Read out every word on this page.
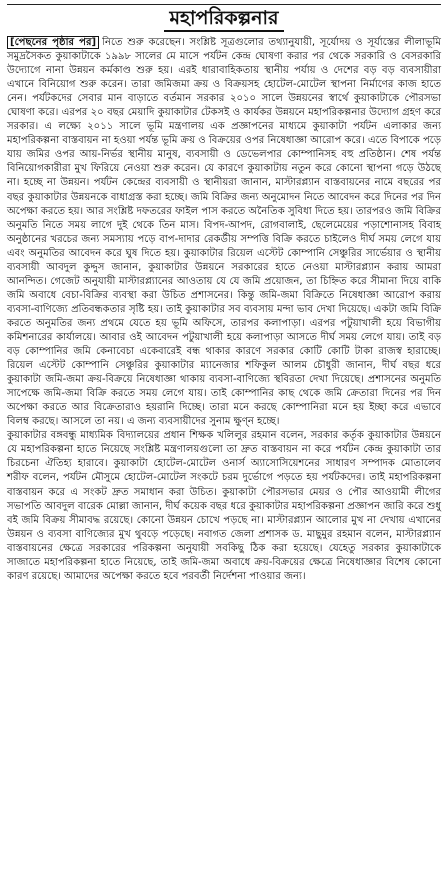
মহাপরিকল্পনার

[পেছনের পৃষ্ঠার পর] নিতে শুরু করেছেন। সংশ্লিষ্ট সূত্রগুলোর তথ্যানুযায়ী, সূর্যোদয় ও সূর্যাস্তের লীলাভূমি সমুদ্রসৈকত কুয়াকাটাকে ১৯৯৮ সালের মে মাসে পর্যটন কেন্দ্র ঘোষণা করার পর থেকে সরকারি ও বেসরকারি উদ্যোগে নানা উন্নয়ন কর্মকাণ্ড শুরু হয়। এরই ধারাবাহিকতায় স্থানীয় পর্যায় ও দেশের বড় বড় ব্যবসায়ীরা এখানে বিনিয়োগ শুরু করেন। তারা জমিজমা ক্রয় ও বিক্রয়সহ হোটেল-মোটেল স্থাপনা নির্মাণের কাজ হাতে নেন। পর্যটকদের সেবার মান বাড়াতে বর্তমান সরকার ২০১০ সালে উন্নয়নের স্বার্থে কুয়াকাটাকে পৌরসভা ঘোষণা করে। এরপর ২০ বছর মেয়াদি কুয়াকাটার টেকসই ও কার্যকর উন্নয়নে মহাপরিকল্পনার উদ্যোগ গ্রহণ করে সরকার। এ লক্ষ্যে ২০১১ সালে ভূমি মন্ত্রণালয় এক প্রজ্ঞাপনের মাধ্যমে কুয়াকাটা পর্যটন এলাকার জন্য মহাপরিকল্পনা বাস্তবায়ন না হওয়া পর্যন্ত ভূমি ক্রয় ও বিক্রয়ের ওপর নিষেধাজ্ঞা আরোপ করে। এতে বিপাকে পড়ে যায় জমির ওপর আয়-নির্ভর স্থানীয় মানুষ, ব্যবসায়ী ও ডেভেলপার কোম্পানিসহ বহু প্রতিষ্ঠান। শেষ পর্যন্ত বিনিয়োগকারীরা মুখ ফিরিয়ে নেওয়া শুরু করেন। যে কারণে কুয়াকাটায় নতুন করে কোনো স্থাপনা গড়ে উঠছে না। হচ্ছে না উন্নয়ন। পর্যটন কেন্দ্রের ব্যবসায়ী ও স্থানীয়রা জানান, মাস্টারপ্ল্যান বাস্তবায়নের নামে বছরের পর বছর কুয়াকাটার উন্নয়নকে বাধাগ্রস্ত করা হচ্ছে। জমি বিক্রির জন্য অনুমোদন নিতে আবেদন করে দিনের পর দিন অপেক্ষা করতে হয়। আর সংশ্লিষ্ট দফতরের ফাইল পাস করতে অনৈতিক সুবিধা দিতে হয়। তারপরও জমি বিক্রির অনুমতি নিতে সময় লাগে দুই থেকে তিন মাস। বিপদ-আপদ, রোগবালাই, ছেলেমেয়ের পড়াশোনাসহ বিবাহ অনুষ্ঠানের খরচের জন্য সমস্যায় পড়ে বাপ-দাদার রেকর্ডীয় সম্পত্তি বিক্রি করতে চাইলেও দীর্ঘ সময় লেগে যায় এবং অনুমতির আবেদন করে ঘুষ দিতে হয়। কুয়াকাটার রিয়েল এস্টেট কোম্পানি সেঞ্চুরির সার্ভেয়ার ও স্থানীয় ব্যবসায়ী আবদুল কুদ্দুস জানান, কুয়াকাটার উন্নয়নে সরকারের হাতে নেওয়া মাস্টারপ্ল্যান করায় আমরা আনন্দিত। গেজেট অনুযায়ী মাস্টারপ্ল্যানের আওতায় যে যে জমি প্রয়োজন, তা চিহ্নিত করে সীমানা দিয়ে বাকি জমি অবাধে বেচা-বিক্রির ব্যবস্থা করা উচিত প্রশাসনের। কিন্তু জমি-জমা বিক্রিতে নিষেধাজ্ঞা আরোপ করায় ব্যবসা-বাণিজ্যে প্রতিবন্ধকতার সৃষ্টি হয়। তাই কুয়াকাটার সব ব্যবসায় মন্দা ভাব দেখা দিয়েছে। একটা জমি বিক্রি করতে অনুমতির জন্য প্রথমে যেতে হয় ভূমি অফিসে, তারপর কলাপাড়া। এরপর পটুয়াখালী হয়ে বিভাগীয় কমিশনারের কার্যালয়ে। আবার ওই আবেদন পটুয়াখালী হয়ে কলাপাড়া আসতে দীর্ঘ সময় লেগে যায়। তাই বড় বড় কোম্পানির জমি কেনাবেচা একেবারেই বন্ধ থাকার কারণে সরকার কোটি কোটি টাকা রাজস্ব হারাচ্ছে। রিয়েল এস্টেট কোম্পানি সেঞ্চুরির কুয়াকাটার ম্যানেজার শফিকুল আলম চৌধুরী জানান, দীর্ঘ বছর ধরে কুয়াকাটা জমি-জমা ক্রয়-বিক্রয়ে নিষেধাজ্ঞা থাকায় ব্যবসা-বাণিজ্যে স্থবিরতা দেখা দিয়েছে। প্রশাসনের অনুমতি সাপেক্ষে জমি-জমা বিক্রি করতে সময় লেগে যায়। তাই কোম্পানির কাছ থেকে জমি ক্রেতারা দিনের পর দিন অপেক্ষা করতে আর বিক্রেতারাও হয়রানি দিচ্ছে। তারা মনে করছে কোম্পানিরা মনে হয় ইচ্ছা করে এভাবে বিলম্ব করছে। আসলে তা নয়। এ জন্য ব্যবসায়ীদের সুনাম ক্ষুণ্ন হচ্ছে।

কুয়াকাটার বঙ্গবন্ধু মাধ্যমিক বিদ্যালয়ের প্রধান শিক্ষক খলিলুর রহমান বলেন, সরকার কর্তৃক কুয়াকাটার উন্নয়নে যে মহাপরিকল্পনা হাতে নিয়েছে সংশ্লিষ্ট মন্ত্রণালয়গুলো তা দ্রুত বাস্তবায়ন না করে পর্যটন কেন্দ্র কুয়াকাটা তার চিরচেনা ঐতিহ্য হারাবে। কুয়াকাটা হোটেল-মোটেল ওনার্স অ্যাসোসিয়েশনের সাধারণ সম্পাদক মোতালেব শরীফ বলেন, পর্যটন মৌসুমে হোটেল-মোটেল সংকটে চরম দুর্ভোগে পড়তে হয় পর্যটকদের। তাই মহাপরিকল্পনা বাস্তবায়ন করে এ সংকট দ্রুত সমাধান করা উচিত। কুয়াকাটা পৌরসভার মেয়র ও পৌর আওয়ামী লীগের সভাপতি আবদুল বারেক মোল্লা জানান, দীর্ঘ কয়েক বছর ধরে কুয়াকাটার মহাপরিকল্পনা প্রজ্ঞাপন জারি করে শুধু বই জমি বিক্রয় সীমাবদ্ধ রয়েছে। কোনো উন্নয়ন চোখে পড়ছে না। মাস্টারপ্ল্যান আলোর মুখ না দেখায় এখানের উন্নয়ন ও ব্যবসা বাণিজ্যের মুখ থুবড়ে পড়েছে। নবাগত জেলা প্রশাসক ড. মাছুমুর রহমান বলেন, মাস্টারপ্ল্যান বাস্তবায়নের ক্ষেত্রে সরকারের পরিকল্পনা অনুযায়ী সবকিছু ঠিক করা হয়েছে। যেহেতু সরকার কুয়াকাটাকে সাজাতে মহাপরিকল্পনা হাতে নিয়েছে, তাই জমি-জমা অবাধে ক্রয়-বিক্রয়ের ক্ষেত্রে নিষেধাজ্ঞার বিশেষ কোনো কারণ রয়েছে। আমাদের অপেক্ষা করতে হবে পরবর্তী নির্দেশনা পাওয়ার জন্য।
